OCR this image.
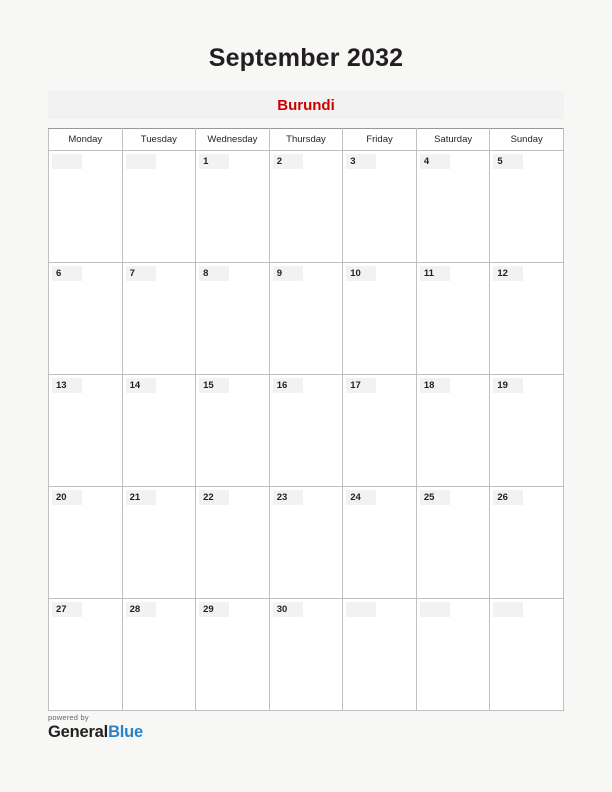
September 2032
Burundi
Monday	Tuesday	Wednesday	Thursday	Friday	Saturday	Sunday

		1	2	3	4	5

6	7	8	9	10	11	12

13	14	15	16	17	18	19

20	21	22	23	24	25	26

27	28	29	30			

powered by
GeneralBlue
